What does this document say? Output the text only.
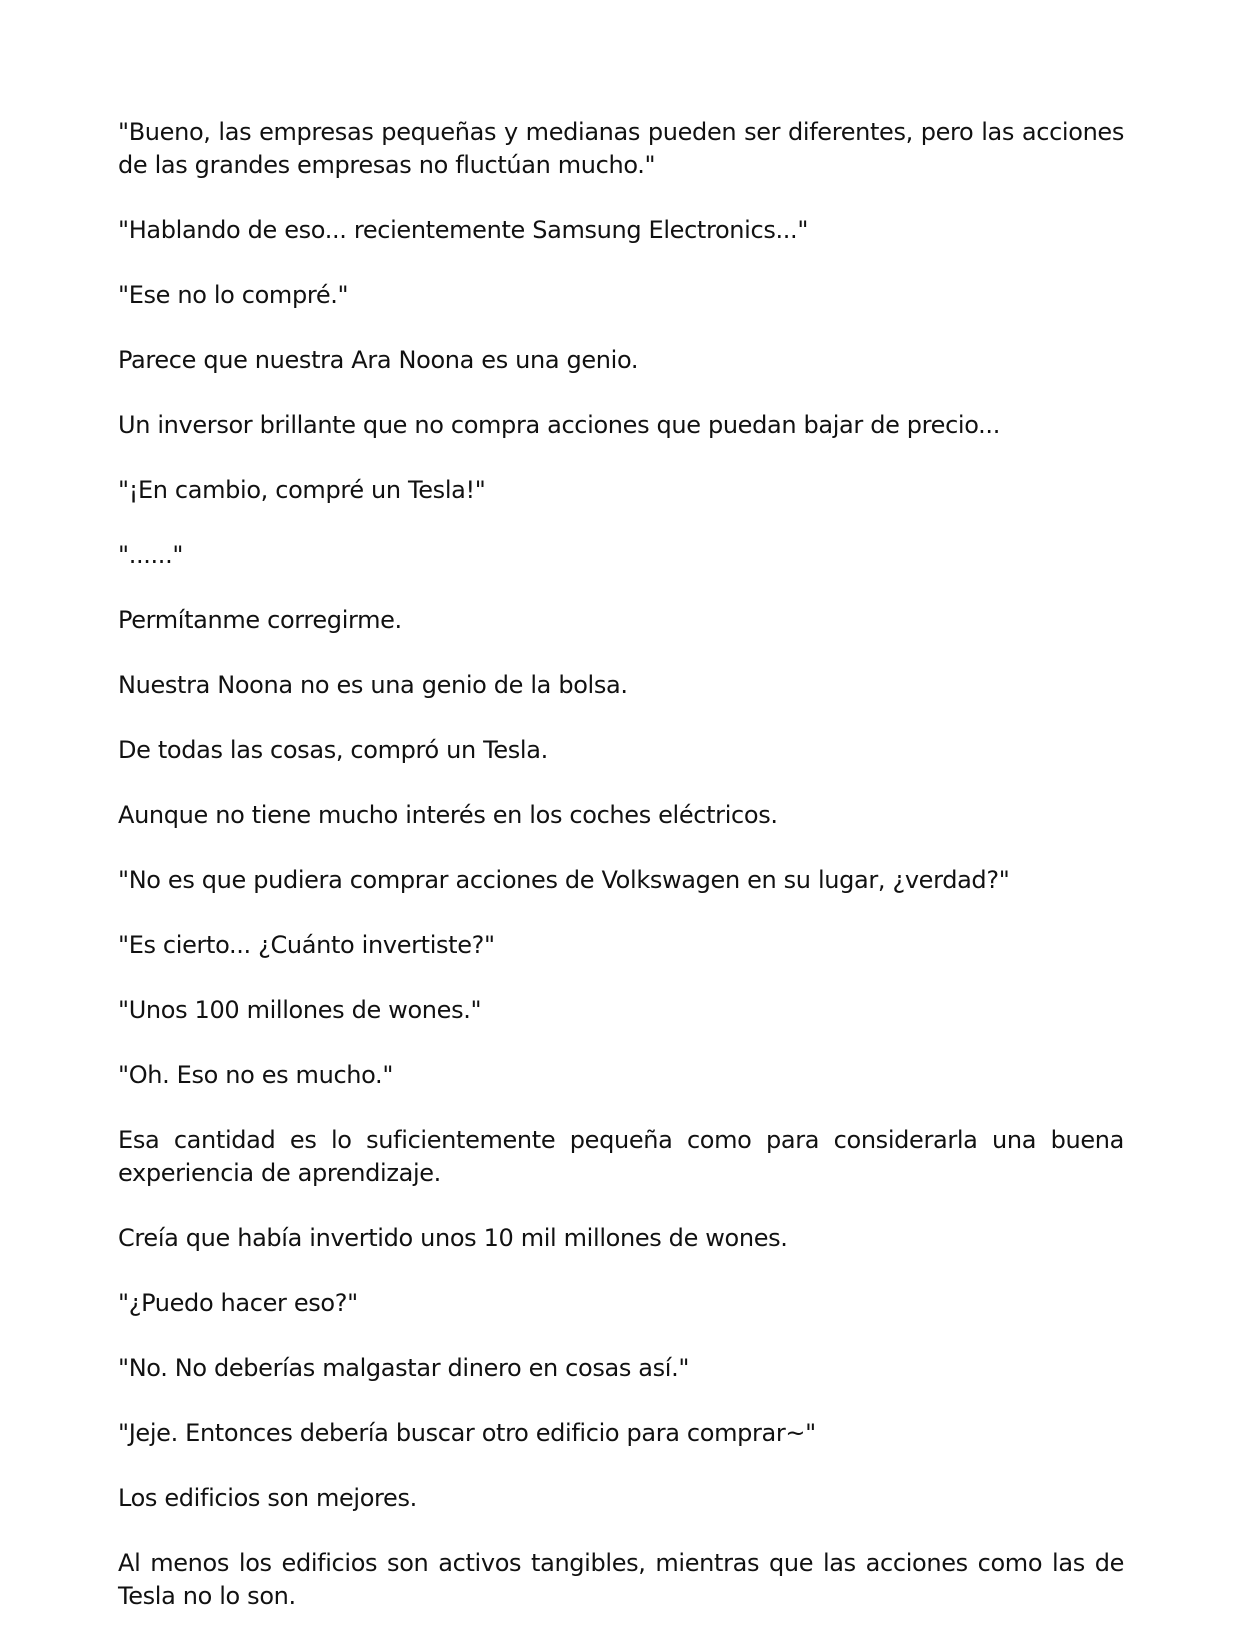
"Bueno, las empresas pequeñas y medianas pueden ser diferentes, pero las acciones de las grandes empresas no fluctúan mucho."

"Hablando de eso... recientemente Samsung Electronics..."

"Ese no lo compré."

Parece que nuestra Ara Noona es una genio.

Un inversor brillante que no compra acciones que puedan bajar de precio...

"¡En cambio, compré un Tesla!"

"......"

Permítanme corregirme.

Nuestra Noona no es una genio de la bolsa.

De todas las cosas, compró un Tesla.

Aunque no tiene mucho interés en los coches eléctricos.

"No es que pudiera comprar acciones de Volkswagen en su lugar, ¿verdad?"

"Es cierto... ¿Cuánto invertiste?"

"Unos 100 millones de wones."

"Oh. Eso no es mucho."

Esa cantidad es lo suficientemente pequeña como para considerarla una buena experiencia de aprendizaje.

Creía que había invertido unos 10 mil millones de wones.

"¿Puedo hacer eso?"

"No. No deberías malgastar dinero en cosas así."

"Jeje. Entonces debería buscar otro edificio para comprar~"

Los edificios son mejores.

Al menos los edificios son activos tangibles, mientras que las acciones como las de Tesla no lo son.
